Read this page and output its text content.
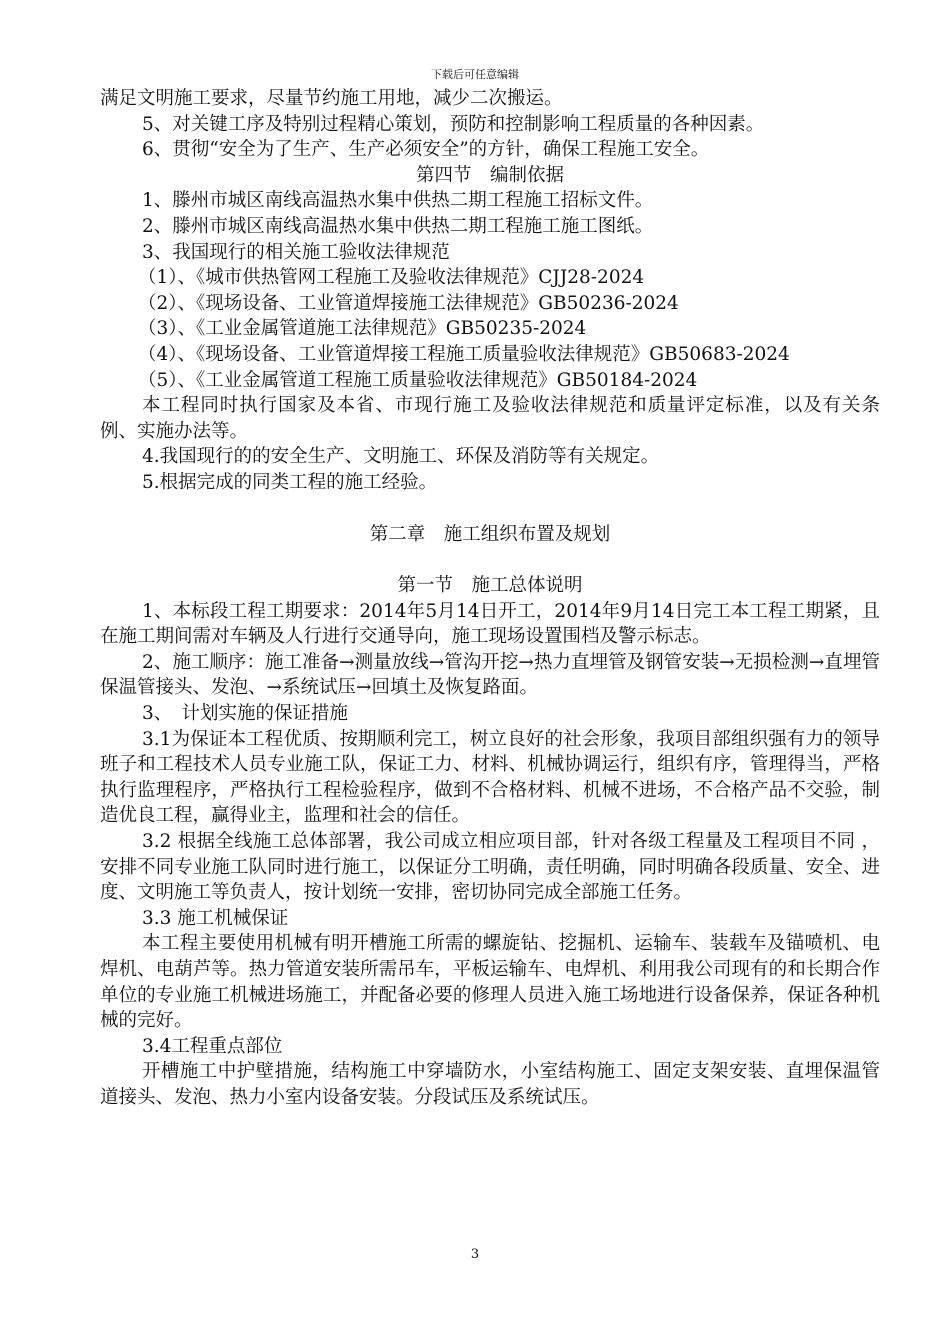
下载后可任意编辑

满足文明施工要求，尽量节约施工用地，减少二次搬运。

5、对关键工序及特别过程精心策划，预防和控制影响工程质量的各种因素。

6、贯彻“安全为了生产、生产必须安全”的方针，确保工程施工安全。

第四节　编制依据

1、滕州市城区南线高温热水集中供热二期工程施工招标文件。

2、滕州市城区南线高温热水集中供热二期工程施工施工图纸。

3、我国现行的相关施工验收法律规范

（1）、《城市供热管网工程施工及验收法律规范》CJJ28-2024

（2）、《现场设备、工业管道焊接施工法律规范》GB50236-2024

（3）、《工业金属管道施工法律规范》GB50235-2024

（4）、《现场设备、工业管道焊接工程施工质量验收法律规范》GB50683-2024

（5）、《工业金属管道工程施工质量验收法律规范》GB50184-2024

本工程同时执行国家及本省、市现行施工及验收法律规范和质量评定标准，以及有关条例、实施办法等。

4.我国现行的的安全生产、文明施工、环保及消防等有关规定。

5.根据完成的同类工程的施工经验。

第二章　施工组织布置及规划

第一节　施工总体说明

1、本标段工程工期要求：2014年5月14日开工，2014年9月14日完工本工程工期紧，且在施工期间需对车辆及人行进行交通导向，施工现场设置围档及警示标志。

2、施工顺序：施工准备→测量放线→管沟开挖→热力直埋管及钢管安装→无损检测→直埋管保温管接头、发泡、→系统试压→回填土及恢复路面。

3、　计划实施的保证措施

3.1为保证本工程优质、按期顺利完工，树立良好的社会形象，我项目部组织强有力的领导班子和工程技术人员专业施工队，保证工力、材料、机械协调运行，组织有序，管理得当，严格执行监理程序，严格执行工程检验程序，做到不合格材料、机械不进场，不合格产品不交验，制造优良工程，赢得业主，监理和社会的信任。

3.2 根据全线施工总体部署，我公司成立相应项目部，针对各级工程量及工程项目不同 ，安排不同专业施工队同时进行施工，以保证分工明确，责任明确，同时明确各段质量、安全、进度、文明施工等负责人，按计划统一安排，密切协同完成全部施工任务。

3.3 施工机械保证

本工程主要使用机械有明开槽施工所需的螺旋钻、挖掘机、运输车、装载车及锚喷机、电焊机、电葫芦等。热力管道安装所需吊车，平板运输车、电焊机、利用我公司现有的和长期合作单位的专业施工机械进场施工，并配备必要的修理人员进入施工场地进行设备保养，保证各种机械的完好。

3.4工程重点部位

开槽施工中护壁措施，结构施工中穿墙防水，小室结构施工、固定支架安装、直埋保温管道接头、发泡、热力小室内设备安装。分段试压及系统试压。

3
